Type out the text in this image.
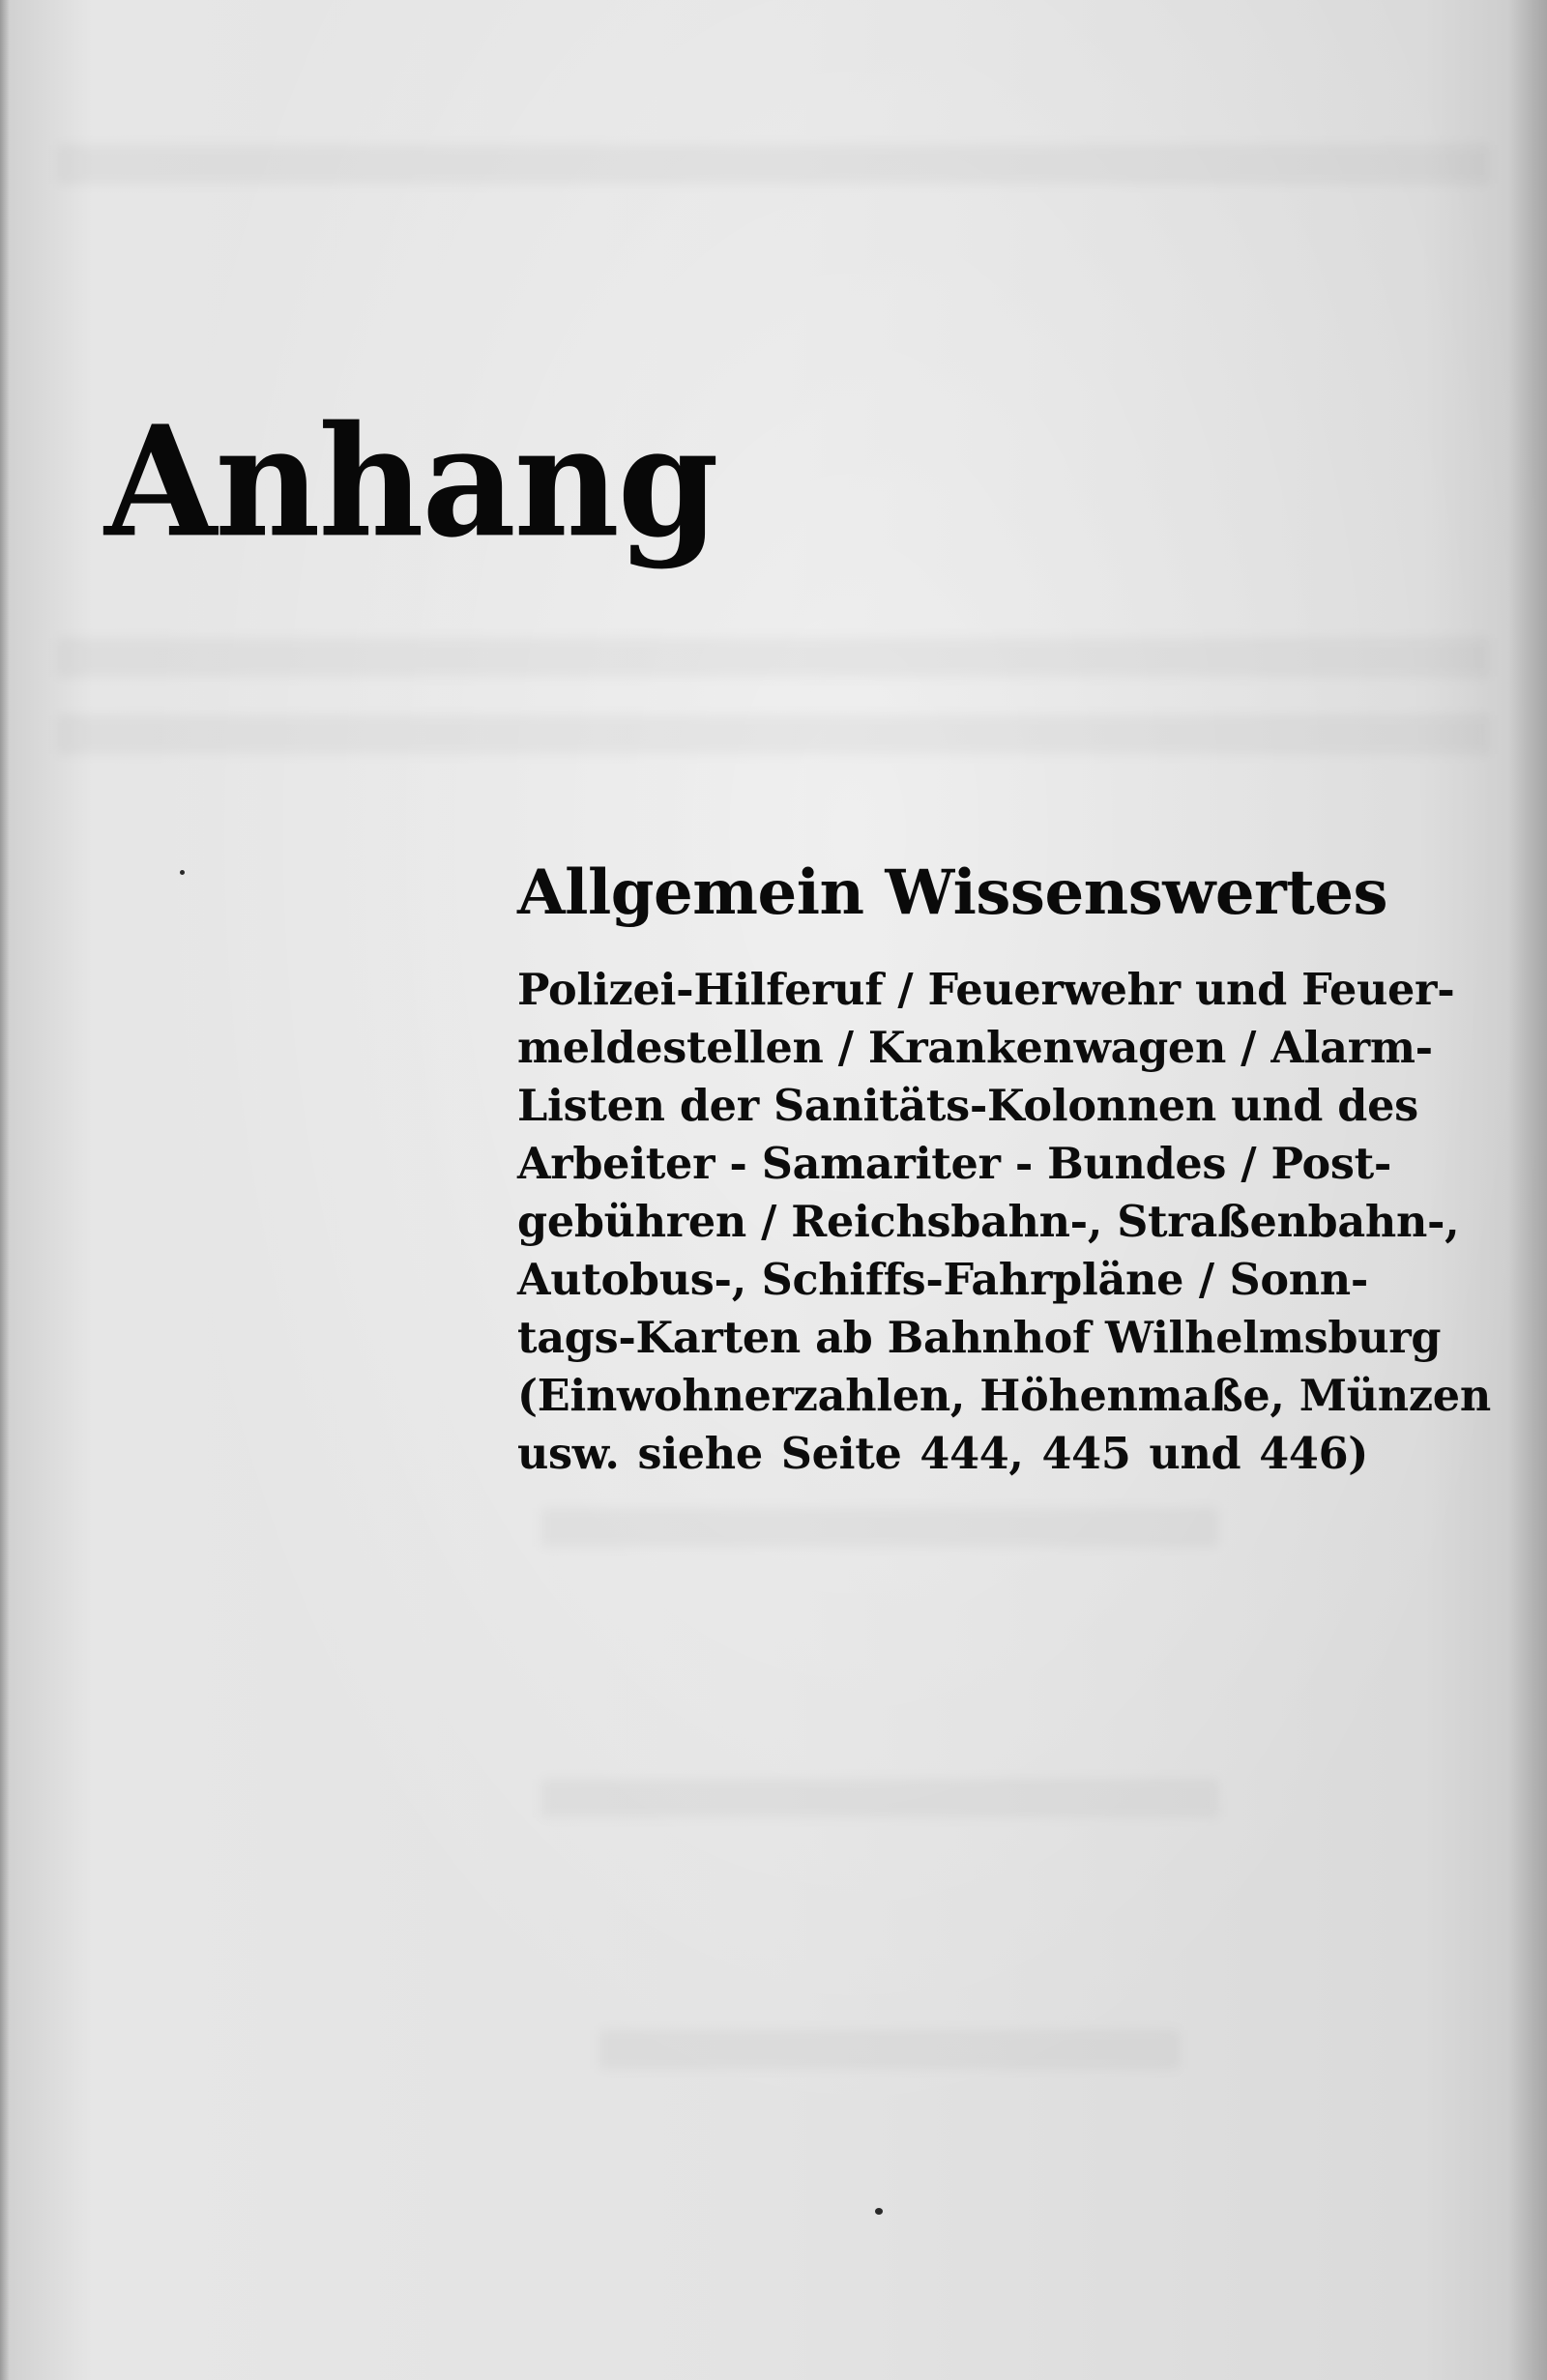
Anhang
Allgemein Wissenswertes
Polizei-Hilferuf / Feuerwehr und Feuer-
meldestellen / Krankenwagen / Alarm-
Listen der Sanitäts-Kolonnen und des
Arbeiter - Samariter - Bundes / Post-
gebühren / Reichsbahn-, Straßenbahn-,
Autobus-, Schiffs-Fahrpläne / Sonn-
tags-Karten ab Bahnhof Wilhelmsburg
(Einwohnerzahlen, Höhenmaße, Münzen
usw. siehe Seite 444, 445 und 446)
